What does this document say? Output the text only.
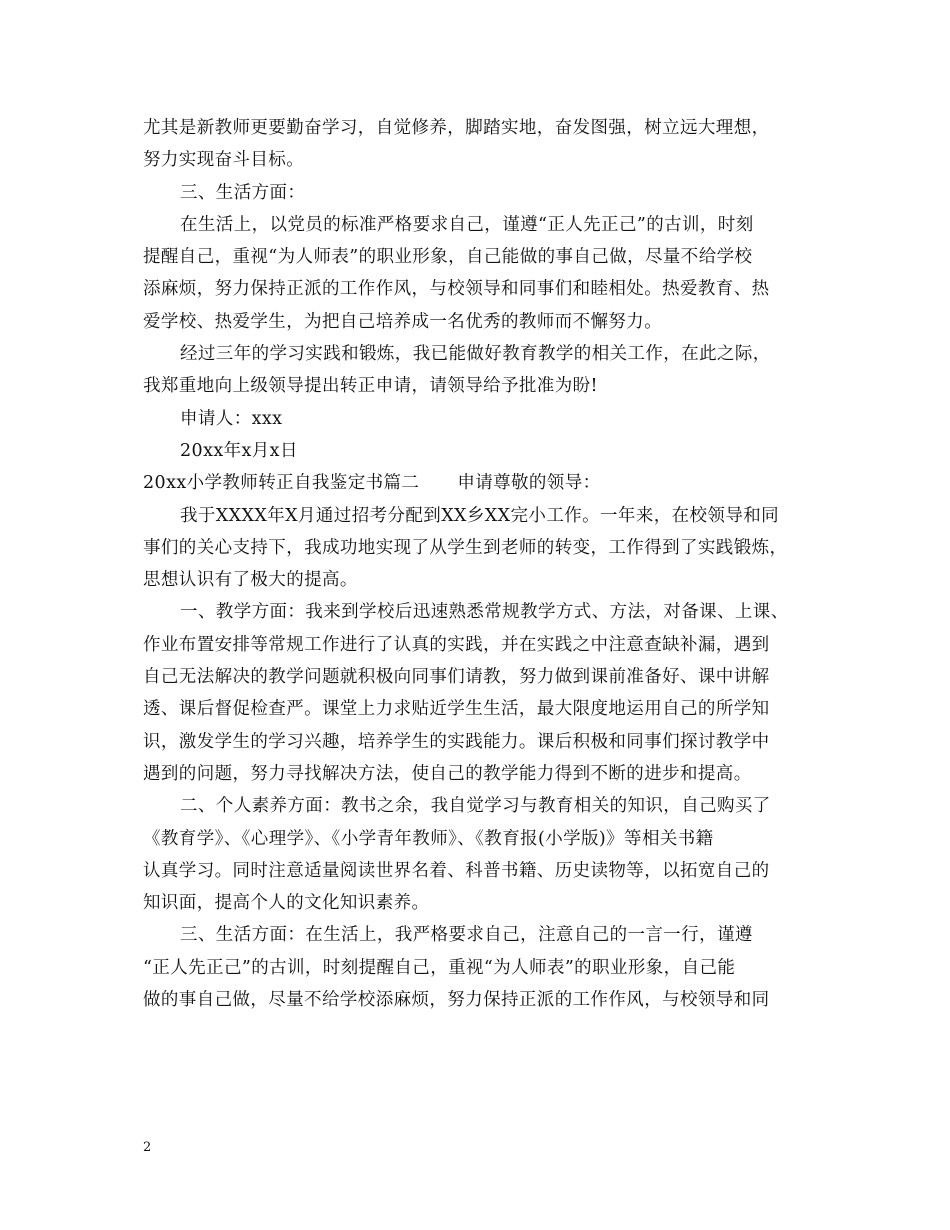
尤其是新教师更要勤奋学习，自觉修养，脚踏实地，奋发图强，树立远大理想，
努力实现奋斗目标。
三、生活方面：
在生活上，以党员的标准严格要求自己，谨遵“正人先正己”的古训，时刻
提醒自己，重视“为人师表”的职业形象，自己能做的事自己做，尽量不给学校
添麻烦，努力保持正派的工作作风，与校领导和同事们和睦相处。热爱教育、热
爱学校、热爱学生，为把自己培养成一名优秀的教师而不懈努力。
经过三年的学习实践和锻炼，我已能做好教育教学的相关工作，在此之际，
我郑重地向上级领导提出转正申请，请领导给予批准为盼!
申请人：xxx
20xx年x月x日
20xx小学教师转正自我鉴定书篇二 申请尊敬的领导：
我于XXXX年X月通过招考分配到XX乡XX完小工作。一年来，在校领导和同
事们的关心支持下，我成功地实现了从学生到老师的转变，工作得到了实践锻炼，
思想认识有了极大的提高。
一、教学方面：我来到学校后迅速熟悉常规教学方式、方法，对备课、上课、
作业布置安排等常规工作进行了认真的实践，并在实践之中注意查缺补漏，遇到
自己无法解决的教学问题就积极向同事们请教，努力做到课前准备好、课中讲解
透、课后督促检查严。课堂上力求贴近学生生活，最大限度地运用自己的所学知
识，激发学生的学习兴趣，培养学生的实践能力。课后积极和同事们探讨教学中
遇到的问题，努力寻找解决方法，使自己的教学能力得到不断的进步和提高。
二、个人素养方面：教书之余，我自觉学习与教育相关的知识，自己购买了
《教育学》、《心理学》、《小学青年教师》、《教育报(小学版)》等相关书籍
认真学习。同时注意适量阅读世界名着、科普书籍、历史读物等，以拓宽自己的
知识面，提高个人的文化知识素养。
三、生活方面：在生活上，我严格要求自己，注意自己的一言一行，谨遵
“正人先正己”的古训，时刻提醒自己，重视“为人师表”的职业形象，自己能
做的事自己做，尽量不给学校添麻烦，努力保持正派的工作作风，与校领导和同
2
